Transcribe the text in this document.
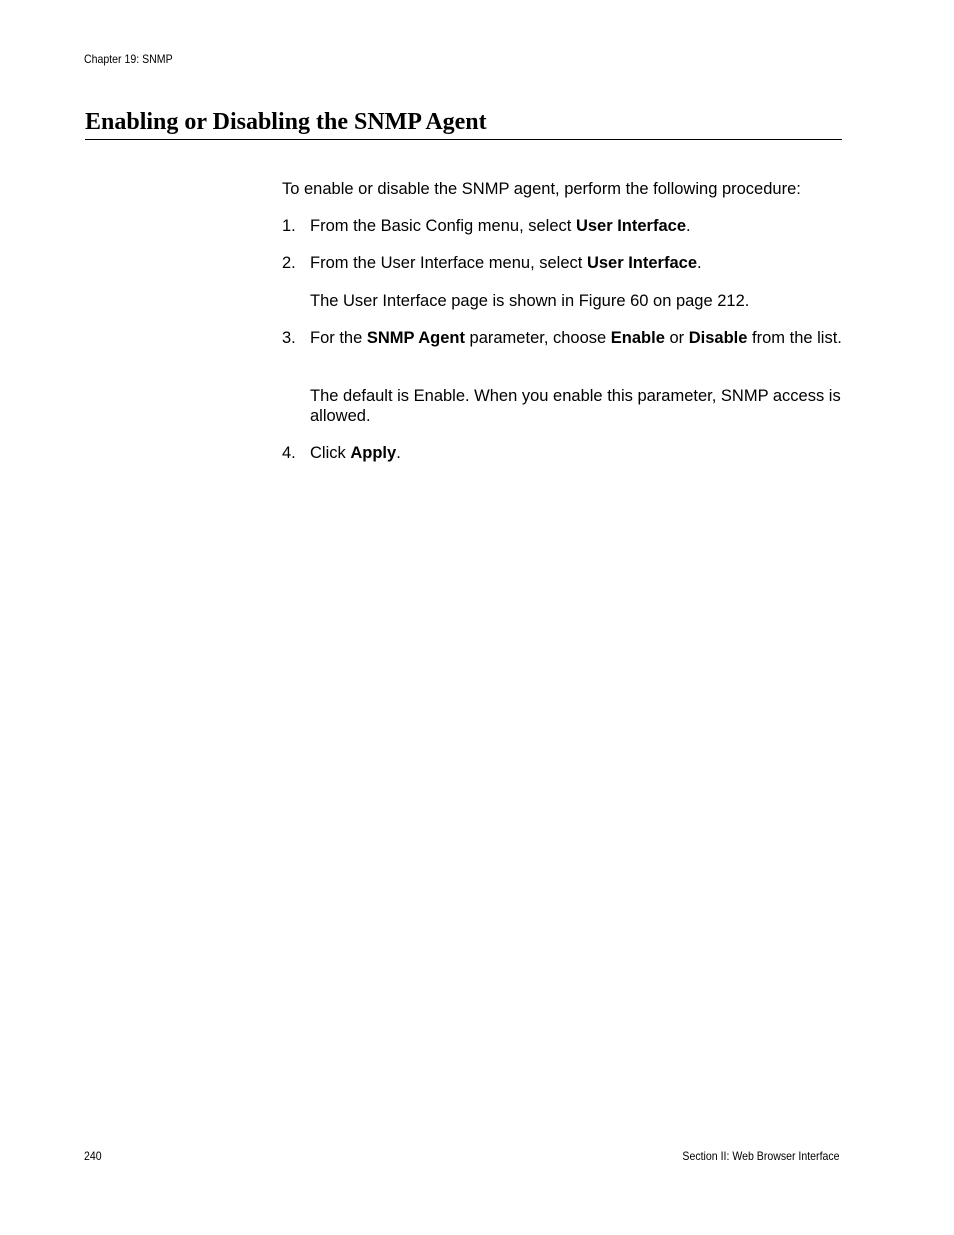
Chapter 19: SNMP
Enabling or Disabling the SNMP Agent
To enable or disable the SNMP agent, perform the following procedure:
1. From the Basic Config menu, select User Interface.
2. From the User Interface menu, select User Interface.
The User Interface page is shown in Figure 60 on page 212.
3. For the SNMP Agent parameter, choose Enable or Disable from the list.
The default is Enable. When you enable this parameter, SNMP access is allowed.
4. Click Apply.
240	Section II: Web Browser Interface
